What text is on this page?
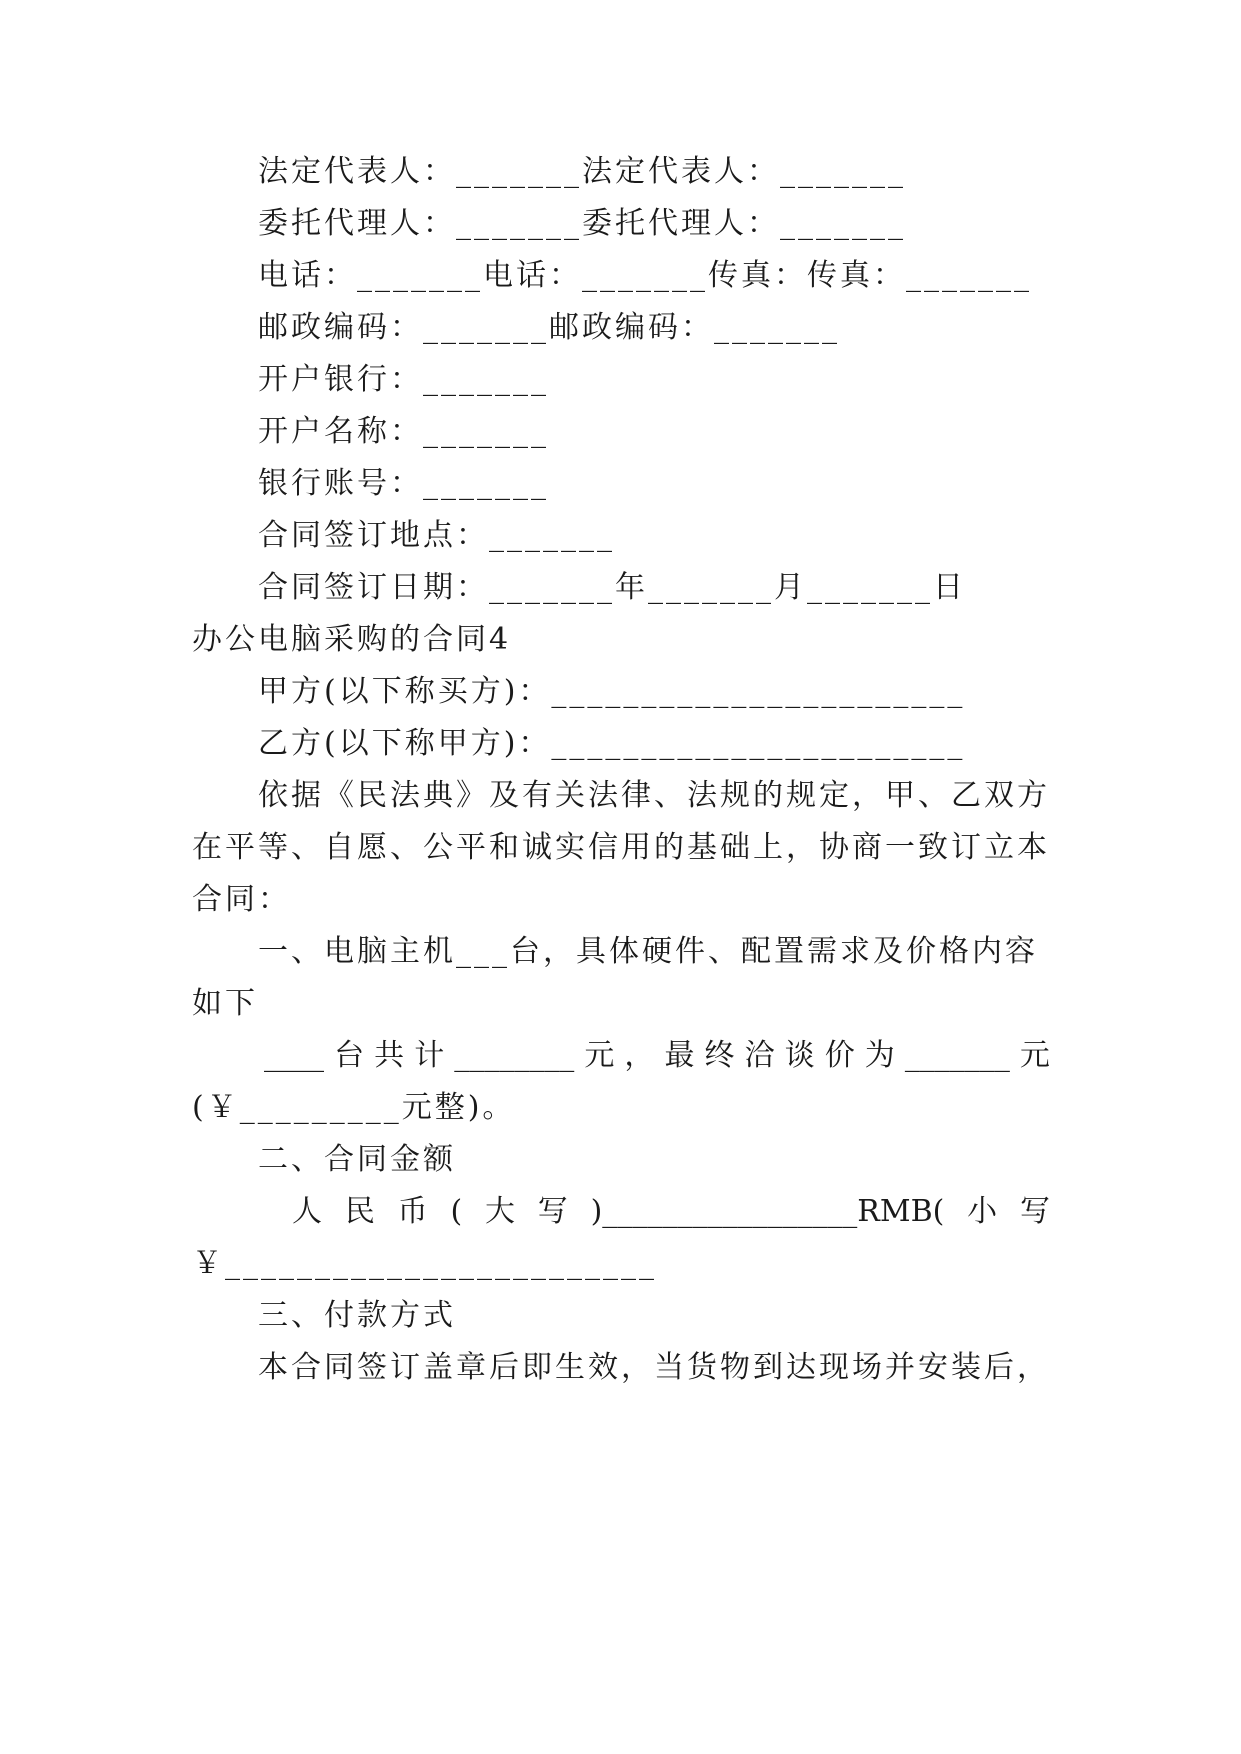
法定代表人：_______法定代表人：_______
委托代理人：_______委托代理人：_______
电话：_______电话：_______传真：传真：_______
邮政编码：_______邮政编码：_______
开户银行：_______
开户名称：_______
银行账号：_______
合同签订地点：_______
合同签订日期：_______年_______月_______日
办公电脑采购的合同4
甲方(以下称买方)：_______________________
乙方(以下称甲方)：_______________________
依据《民法典》及有关法律、法规的规定，甲、乙双方
在平等、自愿、公平和诚实信用的基础上，协商一致订立本
合同：
一、电脑主机___台，具体硬件、配置需求及价格内容
如下
____ 台 共 计 ________ 元 ， 最 终 洽 谈 价 为 _______ 元
(￥_________元整)。
二、合同金额
人 民 币 ( 大 写 )_________________RMB( 小 写
￥________________________
三、付款方式
本合同签订盖章后即生效，当货物到达现场并安装后，
